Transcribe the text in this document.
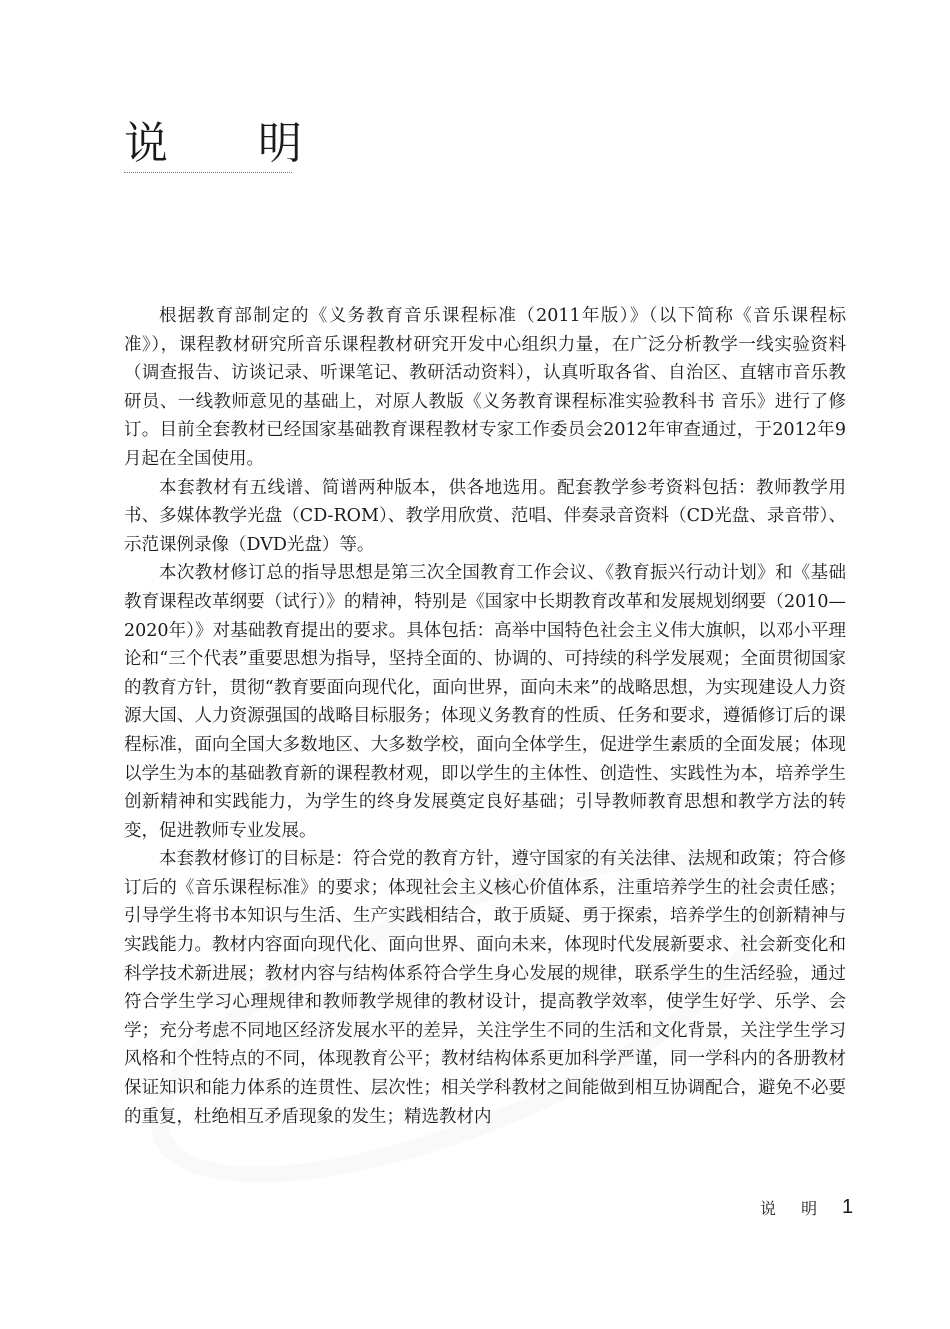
说 明

根据教育部制定的《义务教育音乐课程标准（2011年版）》（以下简称《音乐课程标准》），课程教材研究所音乐课程教材研究开发中心组织力量，在广泛分析教学一线实验资料（调查报告、访谈记录、听课笔记、教研活动资料），认真听取各省、自治区、直辖市音乐教研员、一线教师意见的基础上，对原人教版《义务教育课程标准实验教科书 音乐》进行了修订。目前全套教材已经国家基础教育课程教材专家工作委员会2012年审查通过，于2012年9月起在全国使用。

本套教材有五线谱、简谱两种版本，供各地选用。配套教学参考资料包括：教师教学用书、多媒体教学光盘（CD-ROM）、教学用欣赏、范唱、伴奏录音资料（CD光盘、录音带）、示范课例录像（DVD光盘）等。

本次教材修订总的指导思想是第三次全国教育工作会议、《教育振兴行动计划》和《基础教育课程改革纲要（试行）》的精神，特别是《国家中长期教育改革和发展规划纲要（2010—2020年）》对基础教育提出的要求。具体包括：高举中国特色社会主义伟大旗帜，以邓小平理论和“三个代表”重要思想为指导，坚持全面的、协调的、可持续的科学发展观；全面贯彻国家的教育方针，贯彻“教育要面向现代化，面向世界，面向未来”的战略思想，为实现建设人力资源大国、人力资源强国的战略目标服务；体现义务教育的性质、任务和要求，遵循修订后的课程标准，面向全国大多数地区、大多数学校，面向全体学生，促进学生素质的全面发展；体现以学生为本的基础教育新的课程教材观，即以学生的主体性、创造性、实践性为本，培养学生创新精神和实践能力，为学生的终身发展奠定良好基础；引导教师教育思想和教学方法的转变，促进教师专业发展。

本套教材修订的目标是：符合党的教育方针，遵守国家的有关法律、法规和政策；符合修订后的《音乐课程标准》的要求；体现社会主义核心价值体系，注重培养学生的社会责任感；引导学生将书本知识与生活、生产实践相结合，敢于质疑、勇于探索，培养学生的创新精神与实践能力。教材内容面向现代化、面向世界、面向未来，体现时代发展新要求、社会新变化和科学技术新进展；教材内容与结构体系符合学生身心发展的规律，联系学生的生活经验，通过符合学生学习心理规律和教师教学规律的教材设计，提高教学效率，使学生好学、乐学、会学；充分考虑不同地区经济发展水平的差异，关注学生不同的生活和文化背景，关注学生学习风格和个性特点的不同，体现教育公平；教材结构体系更加科学严谨，同一学科内的各册教材保证知识和能力体系的连贯性、层次性；相关学科教材之间能做到相互协调配合，避免不必要的重复，杜绝相互矛盾现象的发生；精选教材内

说 明 1
